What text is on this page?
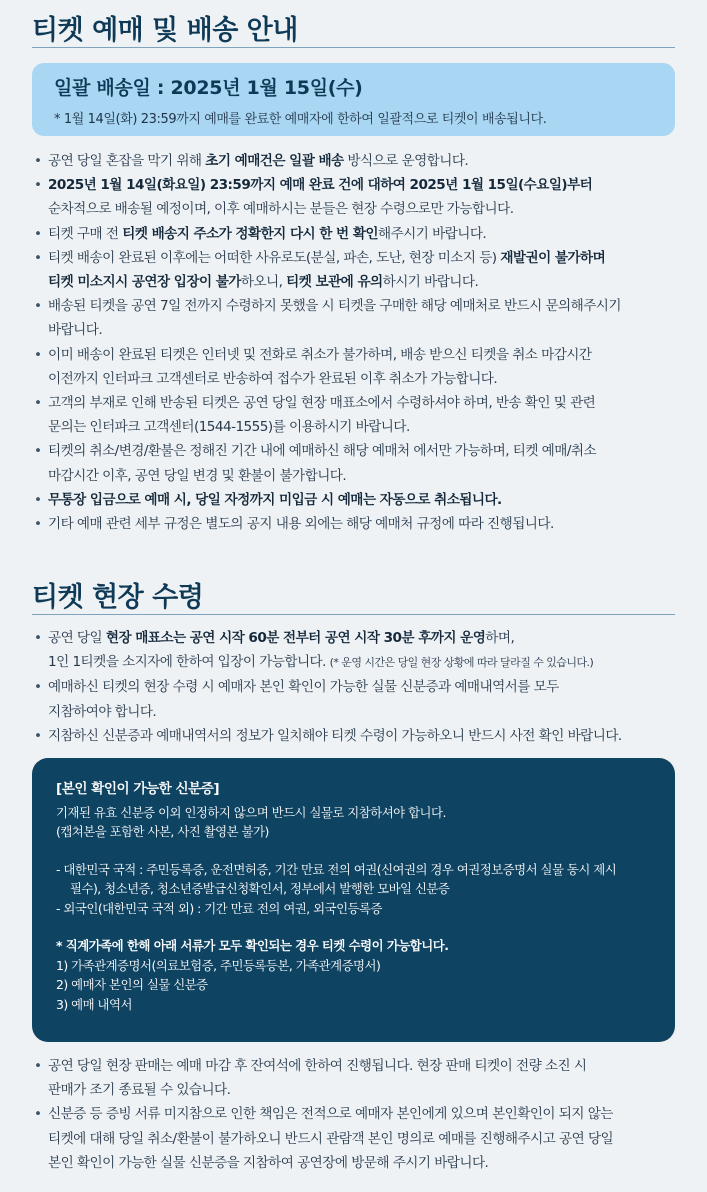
티켓 예매 및 배송 안내
일괄 배송일 : 2025년 1월 15일(수)
* 1월 14일(화) 23:59까지 예매를 완료한 예매자에 한하여 일괄적으로 티켓이 배송됩니다.
• 공연 당일 혼잡을 막기 위해 초기 예매건은 일괄 배송 방식으로 운영합니다.
• 2025년 1월 14일(화요일) 23:59까지 예매 완료 건에 대하여 2025년 1월 15일(수요일)부터
순차적으로 배송될 예정이며, 이후 예매하시는 분들은 현장 수령으로만 가능합니다.
• 티켓 구매 전 티켓 배송지 주소가 정확한지 다시 한 번 확인해주시기 바랍니다.
• 티켓 배송이 완료된 이후에는 어떠한 사유로도(분실, 파손, 도난, 현장 미소지 등) 재발권이 불가하며
티켓 미소지시 공연장 입장이 불가하오니, 티켓 보관에 유의하시기 바랍니다.
• 배송된 티켓을 공연 7일 전까지 수령하지 못했을 시 티켓을 구매한 해당 예매처로 반드시 문의해주시기
바랍니다.
• 이미 배송이 완료된 티켓은 인터넷 및 전화로 취소가 불가하며, 배송 받으신 티켓을 취소 마감시간
이전까지 인터파크 고객센터로 반송하여 접수가 완료된 이후 취소가 가능합니다.
• 고객의 부재로 인해 반송된 티켓은 공연 당일 현장 매표소에서 수령하셔야 하며, 반송 확인 및 관련
문의는 인터파크 고객센터(1544-1555)를 이용하시기 바랍니다.
• 티켓의 취소/변경/환불은 정해진 기간 내에 예매하신 해당 예매처 에서만 가능하며, 티켓 예매/취소
마감시간 이후, 공연 당일 변경 및 환불이 불가합니다.
• 무통장 입금으로 예매 시, 당일 자정까지 미입금 시 예매는 자동으로 취소됩니다.
• 기타 예매 관련 세부 규정은 별도의 공지 내용 외에는 해당 예매처 규정에 따라 진행됩니다.
티켓 현장 수령
• 공연 당일 현장 매표소는 공연 시작 60분 전부터 공연 시작 30분 후까지 운영하며,
1인 1티켓을 소지자에 한하여 입장이 가능합니다. (* 운영 시간은 당일 현장 상황에 따라 달라질 수 있습니다.)
• 예매하신 티켓의 현장 수령 시 예매자 본인 확인이 가능한 실물 신분증과 예매내역서를 모두
지참하여야 합니다.
• 지참하신 신분증과 예매내역서의 정보가 일치해야 티켓 수령이 가능하오니 반드시 사전 확인 바랍니다.
[본인 확인이 가능한 신분증]
기재된 유효 신분증 이외 인정하지 않으며 반드시 실물로 지참하셔야 합니다.
(캡쳐본을 포함한 사본, 사진 촬영본 불가)
- 대한민국 국적 : 주민등록증, 운전면허증, 기간 만료 전의 여권(신여권의 경우 여권정보증명서 실물 동시 제시
필수), 청소년증, 청소년증발급신청확인서, 정부에서 발행한 모바일 신분증
- 외국인(대한민국 국적 외) : 기간 만료 전의 여권, 외국인등록증
* 직계가족에 한해 아래 서류가 모두 확인되는 경우 티켓 수령이 가능합니다.
1) 가족관계증명서(의료보험증, 주민등록등본, 가족관계증명서)
2) 예매자 본인의 실물 신분증
3) 예매 내역서
• 공연 당일 현장 판매는 예매 마감 후 잔여석에 한하여 진행됩니다. 현장 판매 티켓이 전량 소진 시
판매가 조기 종료될 수 있습니다.
• 신분증 등 증빙 서류 미지참으로 인한 책임은 전적으로 예매자 본인에게 있으며 본인확인이 되지 않는
티켓에 대해 당일 취소/환불이 불가하오니 반드시 관람객 본인 명의로 예매를 진행해주시고 공연 당일
본인 확인이 가능한 실물 신분증을 지참하여 공연장에 방문해 주시기 바랍니다.
